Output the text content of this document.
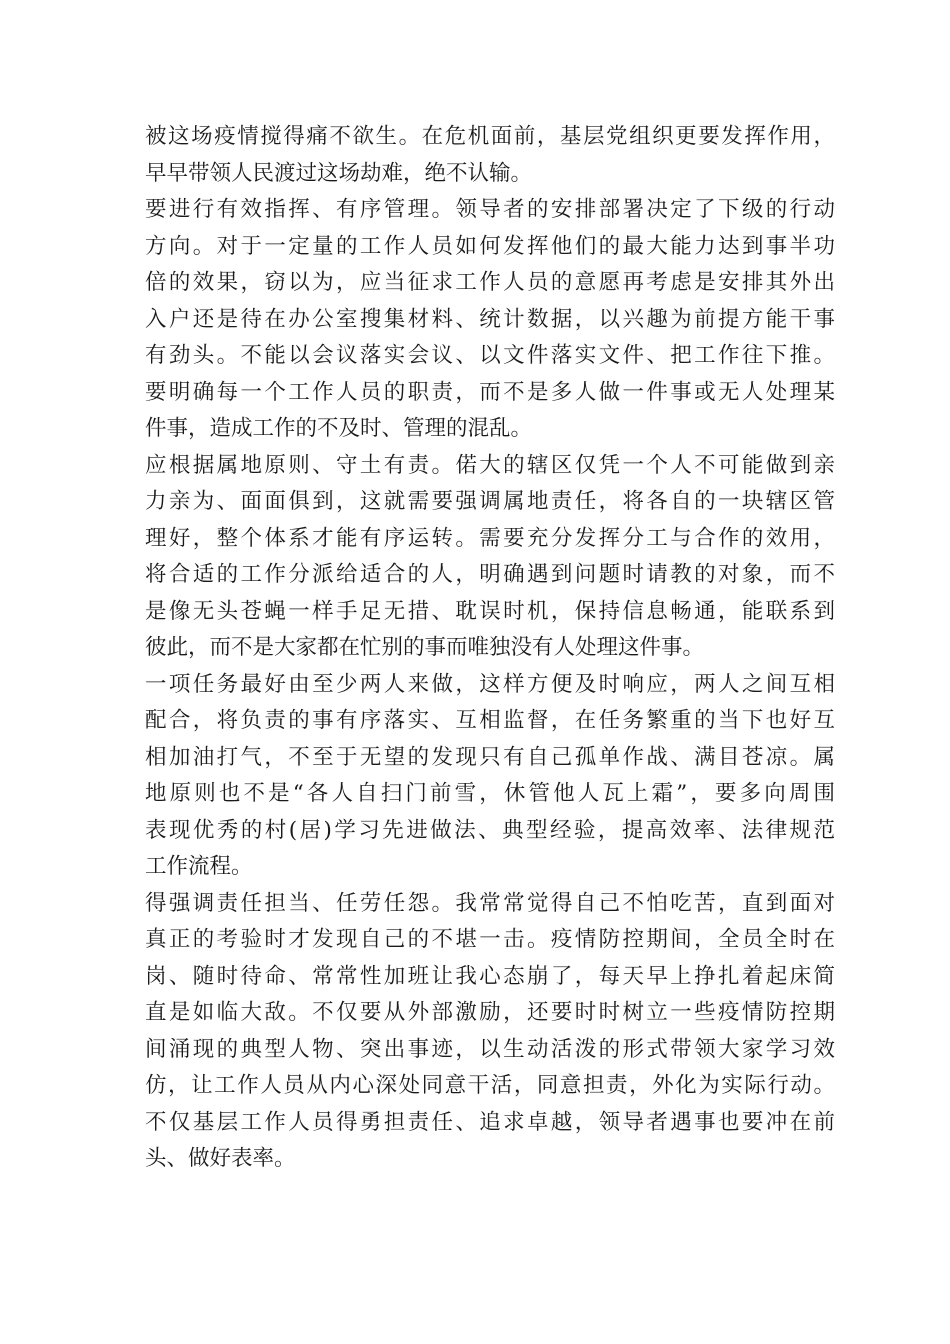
被这场疫情搅得痛不欲生。在危机面前，基层党组织更要发挥作用，
早早带领人民渡过这场劫难，绝不认输。
要进行有效指挥、有序管理。领导者的安排部署决定了下级的行动
方向。对于一定量的工作人员如何发挥他们的最大能力达到事半功
倍的效果，窃以为，应当征求工作人员的意愿再考虑是安排其外出
入户还是待在办公室搜集材料、统计数据，以兴趣为前提方能干事
有劲头。不能以会议落实会议、以文件落实文件、把工作往下推。
要明确每一个工作人员的职责，而不是多人做一件事或无人处理某
件事，造成工作的不及时、管理的混乱。
应根据属地原则、守土有责。偌大的辖区仅凭一个人不可能做到亲
力亲为、面面俱到，这就需要强调属地责任，将各自的一块辖区管
理好，整个体系才能有序运转。需要充分发挥分工与合作的效用，
将合适的工作分派给适合的人，明确遇到问题时请教的对象，而不
是像无头苍蝇一样手足无措、耽误时机，保持信息畅通，能联系到
彼此，而不是大家都在忙别的事而唯独没有人处理这件事。
一项任务最好由至少两人来做，这样方便及时响应，两人之间互相
配合，将负责的事有序落实、互相监督，在任务繁重的当下也好互
相加油打气，不至于无望的发现只有自己孤单作战、满目苍凉。属
地原则也不是“各人自扫门前雪，休管他人瓦上霜”，要多向周围
表现优秀的村(居)学习先进做法、典型经验，提高效率、法律规范
工作流程。
得强调责任担当、任劳任怨。我常常觉得自己不怕吃苦，直到面对
真正的考验时才发现自己的不堪一击。疫情防控期间，全员全时在
岗、随时待命、常常性加班让我心态崩了，每天早上挣扎着起床简
直是如临大敌。不仅要从外部激励，还要时时树立一些疫情防控期
间涌现的典型人物、突出事迹，以生动活泼的形式带领大家学习效
仿，让工作人员从内心深处同意干活，同意担责，外化为实际行动。
不仅基层工作人员得勇担责任、追求卓越，领导者遇事也要冲在前
头、做好表率。
